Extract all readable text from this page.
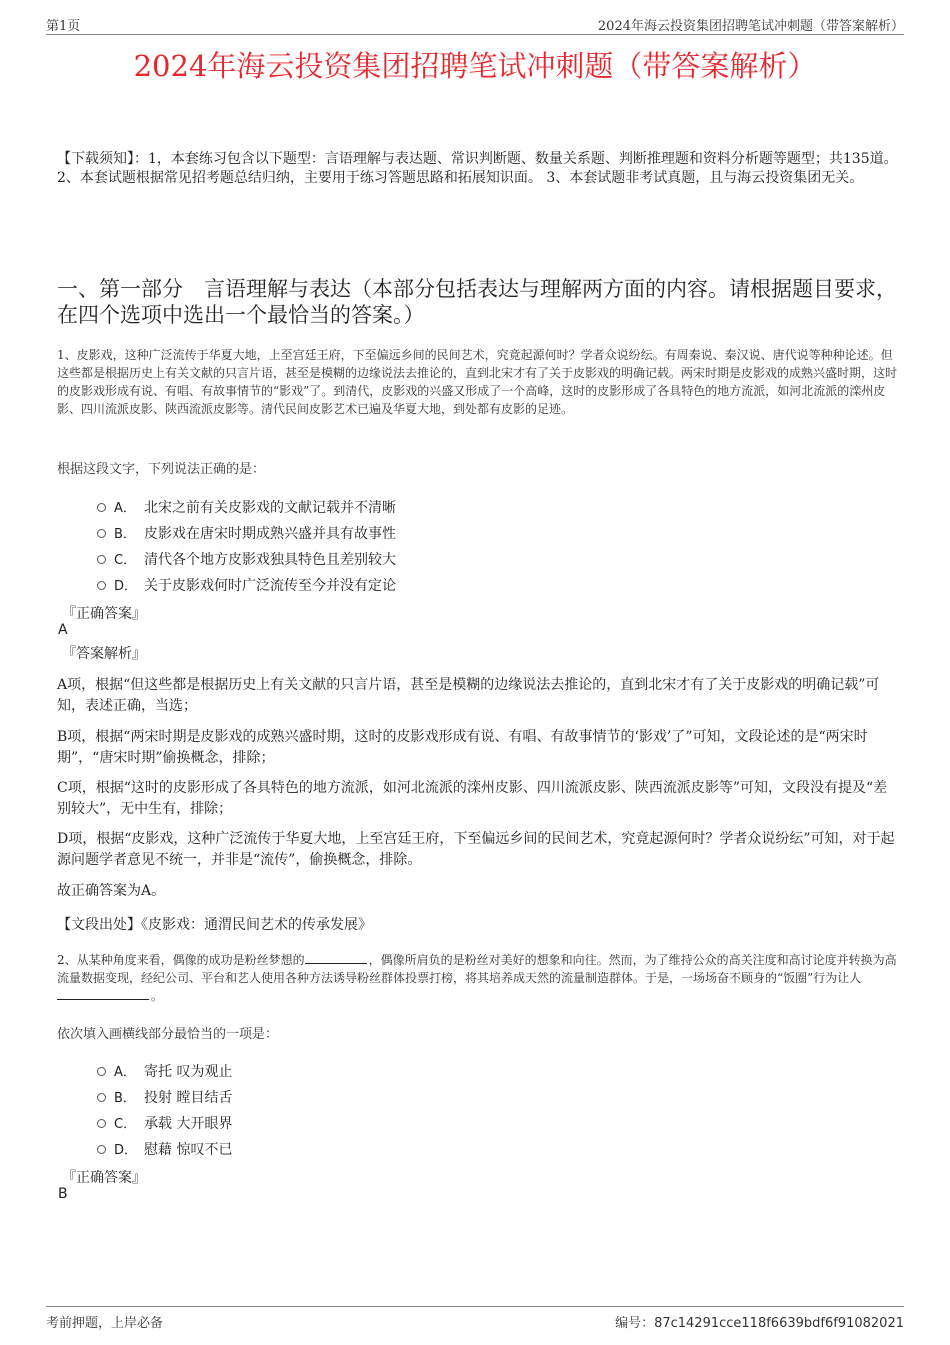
第1页	2024年海云投资集团招聘笔试冲刺题（带答案解析）
2024年海云投资集团招聘笔试冲刺题（带答案解析）
【下载须知】：1，本套练习包含以下题型：言语理解与表达题、常识判断题、数量关系题、判断推理题和资料分析题等题型；共135道。 2、本套试题根据常见招考题总结归纳，主要用于练习答题思路和拓展知识面。 3、本套试题非考试真题，且与海云投资集团无关。
一、第一部分　言语理解与表达（本部分包括表达与理解两方面的内容。请根据题目要求，在四个选项中选出一个最恰当的答案。）
1、皮影戏，这种广泛流传于华夏大地，上至宫廷王府，下至偏远乡间的民间艺术，究竟起源何时？学者众说纷纭。有周秦说、秦汉说、唐代说等种种论述。但这些都是根据历史上有关文献的只言片语，甚至是模糊的边缘说法去推论的，直到北宋才有了关于皮影戏的明确记载。两宋时期是皮影戏的成熟兴盛时期，这时的皮影戏形成有说、有唱、有故事情节的“影戏”了。到清代，皮影戏的兴盛又形成了一个高峰，这时的皮影形成了各具特色的地方流派，如河北流派的滦州皮影、四川流派皮影、陕西流派皮影等。清代民间皮影艺术已遍及华夏大地，到处都有皮影的足迹。
根据这段文字，下列说法正确的是：
A． 北宋之前有关皮影戏的文献记载并不清晰
B． 皮影戏在唐宋时期成熟兴盛并具有故事性
C． 清代各个地方皮影戏独具特色且差别较大
D． 关于皮影戏何时广泛流传至今并没有定论
『正确答案』
A
『答案解析』
A项，根据“但这些都是根据历史上有关文献的只言片语，甚至是模糊的边缘说法去推论的，直到北宋才有了关于皮影戏的明确记载”可知，表述正确，当选；
B项，根据“两宋时期是皮影戏的成熟兴盛时期，这时的皮影戏形成有说、有唱、有故事情节的‘影戏’了”可知，文段论述的是“两宋时期”，“唐宋时期”偷换概念，排除；
C项，根据“这时的皮影形成了各具特色的地方流派，如河北流派的滦州皮影、四川流派皮影、陕西流派皮影等”可知，文段没有提及“差别较大”，无中生有，排除；
D项，根据“皮影戏，这种广泛流传于华夏大地，上至宫廷王府，下至偏远乡间的民间艺术，究竟起源何时？学者众说纷纭”可知，对于起源问题学者意见不统一，并非是“流传”，偷换概念，排除。
故正确答案为A。
【文段出处】《皮影戏：通渭民间艺术的传承发展》
2、从某种角度来看，偶像的成功是粉丝梦想的	，偶像所肩负的是粉丝对美好的想象和向往。然而，为了维持公众的高关注度和高讨论度并转换为高流量数据变现，经纪公司、平台和艺人使用各种方法诱导粉丝群体投票打榜，将其培养成天然的流量制造群体。于是，一场场奋不顾身的“饭圈”行为让人。
依次填入画横线部分最恰当的一项是：
A． 寄托 叹为观止
B． 投射 瞠目结舌
C． 承载 大开眼界
D． 慰藉 惊叹不已
『正确答案』
B
考前押题，上岸必备	编号：87c14291cce118f6639bdf6f91082021
